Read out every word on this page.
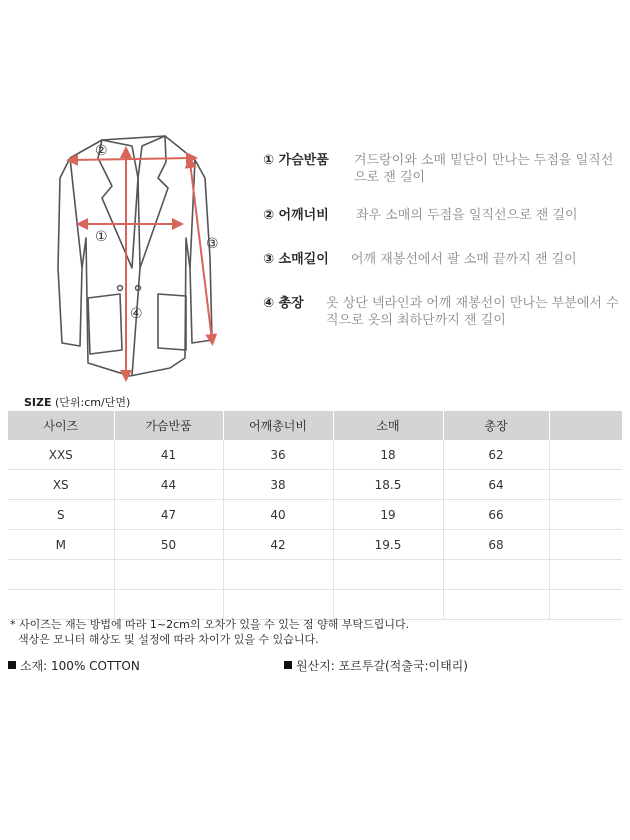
②
①	③
④
① 가슴반품	겨드랑이와 소매 밑단이 만나는 두점을 일직선으로 잰 길이
② 어깨너비	좌우 소매의 두점을 일직선으로 잰 길이
③ 소매길이	어깨 재봉선에서 팔 소매 끝까지 잰 길이
④ 총장	옷 상단 넥라인과 어깨 재봉선이 만나는 부분에서 수직으로 옷의 최하단까지 잰 길이
SIZE (단위:cm/단면)
사이즈	가슴반품	어깨총너비	소매	총장	
XXS	41	36	18	62	
XS	44	38	18.5	64	
S	47	40	19	66	
M	50	42	19.5	68	

* 사이즈는 재는 방법에 따라 1~2cm의 오차가 있을 수 있는 점 양해 부탁드립니다.
색상은 모니터 해상도 및 설정에 따라 차이가 있을 수 있습니다.
소재: 100% COTTON	원산지: 포르투갈(적출국:이태리)
